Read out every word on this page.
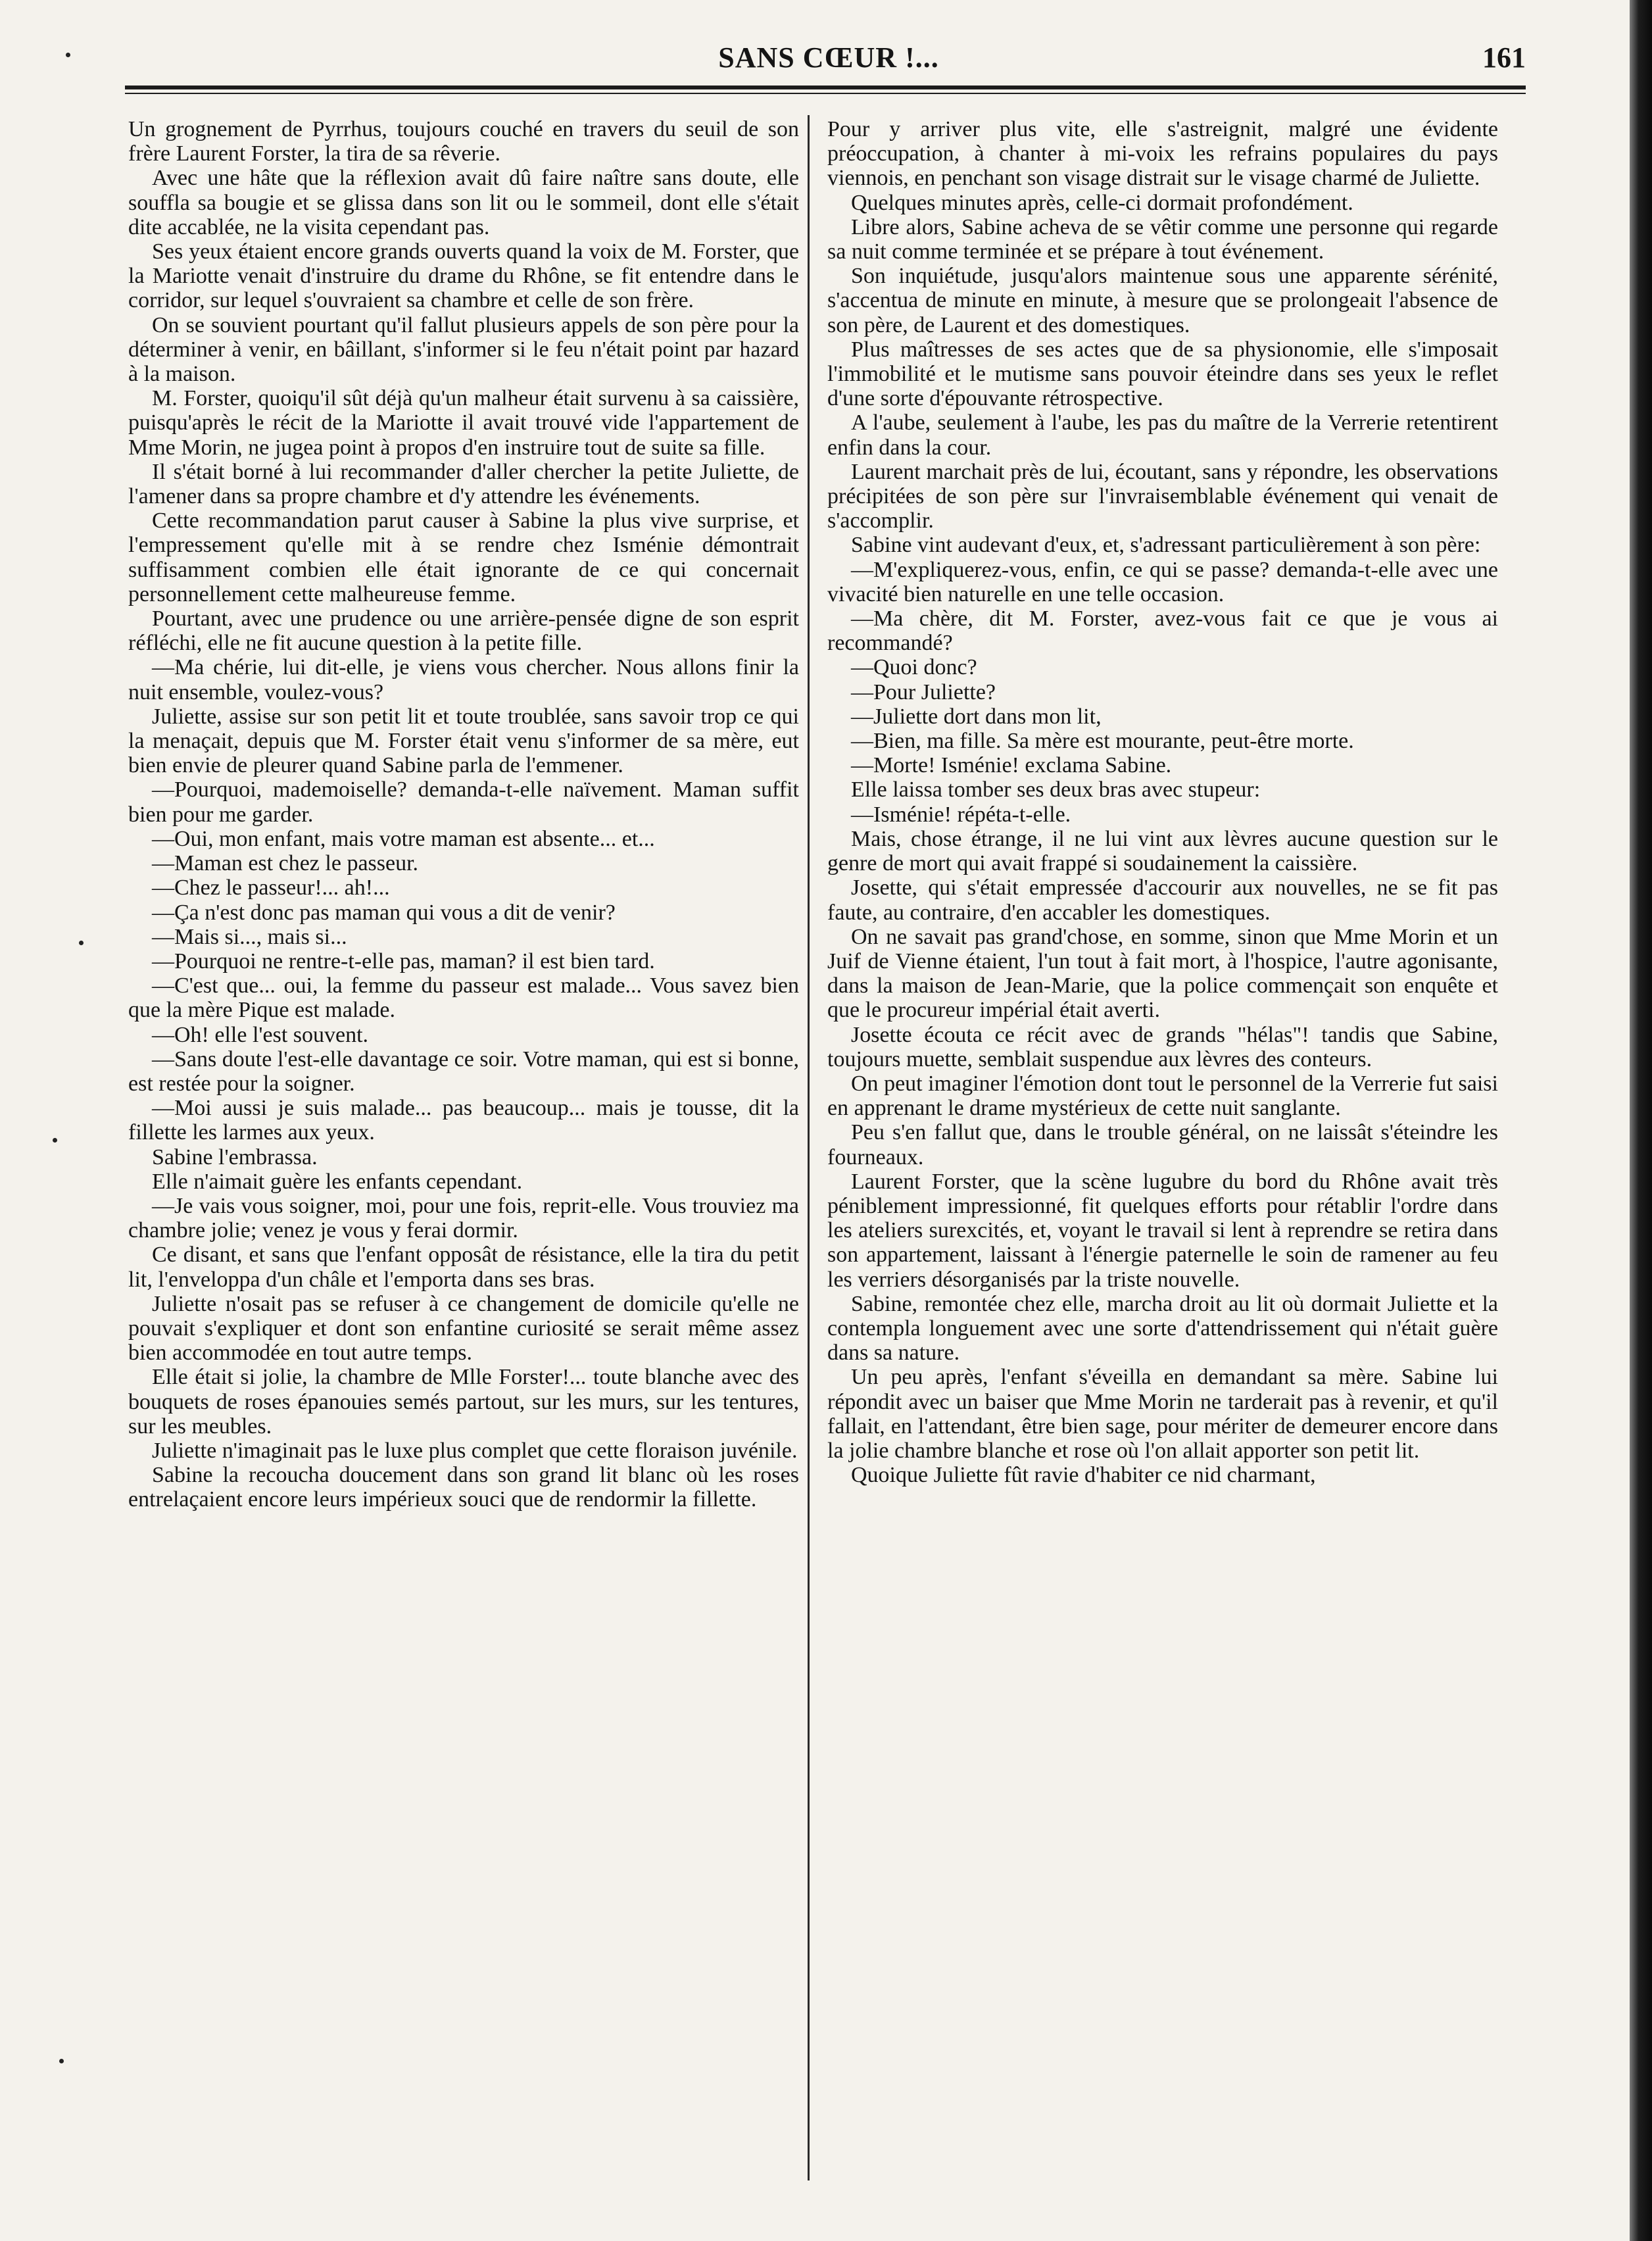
SANS CŒUR !...	161

Un grognement de Pyrrhus, toujours couché en travers du seuil de son frère Laurent Forster, la tira de sa rêverie.

Avec une hâte que la réflexion avait dû faire naître sans doute, elle souffla sa bougie et se glissa dans son lit ou le sommeil, dont elle s'était dite accablée, ne la visita cependant pas.

Ses yeux étaient encore grands ouverts quand la voix de M. Forster, que la Mariotte venait d'instruire du drame du Rhône, se fit entendre dans le corridor, sur lequel s'ouvraient sa chambre et celle de son frère.

On se souvient pourtant qu'il fallut plusieurs appels de son père pour la déterminer à venir, en bâillant, s'informer si le feu n'était point par hazard à la maison.

M. Forster, quoiqu'il sût déjà qu'un malheur était survenu à sa caissière, puisqu'après le récit de la Mariotte il avait trouvé vide l'appartement de Mme Morin, ne jugea point à propos d'en instruire tout de suite sa fille.

Il s'était borné à lui recommander d'aller chercher la petite Juliette, de l'amener dans sa propre chambre et d'y attendre les événements.

Cette recommandation parut causer à Sabine la plus vive surprise, et l'empressement qu'elle mit à se rendre chez Isménie démontrait suffisamment combien elle était ignorante de ce qui concernait personnellement cette malheureuse femme.

Pourtant, avec une prudence ou une arrière-pensée digne de son esprit réfléchi, elle ne fit aucune question à la petite fille.

—Ma chérie, lui dit-elle, je viens vous chercher. Nous allons finir la nuit ensemble, voulez-vous?

Juliette, assise sur son petit lit et toute troublée, sans savoir trop ce qui la menaçait, depuis que M. Forster était venu s'informer de sa mère, eut bien envie de pleurer quand Sabine parla de l'emmener.

—Pourquoi, mademoiselle? demanda-t-elle naïvement. Maman suffit bien pour me garder.

—Oui, mon enfant, mais votre maman est absente... et...

—Maman est chez le passeur.

—Chez le passeur!... ah!...

—Ça n'est donc pas maman qui vous a dit de venir?

—Mais si..., mais si...

—Pourquoi ne rentre-t-elle pas, maman? il est bien tard.

—C'est que... oui, la femme du passeur est malade... Vous savez bien que la mère Pique est malade.

—Oh! elle l'est souvent.

—Sans doute l'est-elle davantage ce soir. Votre maman, qui est si bonne, est restée pour la soigner.

—Moi aussi je suis malade... pas beaucoup... mais je tousse, dit la fillette les larmes aux yeux.

Sabine l'embrassa.

Elle n'aimait guère les enfants cependant.

—Je vais vous soigner, moi, pour une fois, reprit-elle. Vous trouviez ma chambre jolie; venez je vous y ferai dormir.

Ce disant, et sans que l'enfant opposât de résistance, elle la tira du petit lit, l'enveloppa d'un châle et l'emporta dans ses bras.

Juliette n'osait pas se refuser à ce changement de domicile qu'elle ne pouvait s'expliquer et dont son enfantine curiosité se serait même assez bien accommodée en tout autre temps.

Elle était si jolie, la chambre de Mlle Forster!... toute blanche avec des bouquets de roses épanouies semés partout, sur les murs, sur les tentures, sur les meubles.

Juliette n'imaginait pas le luxe plus complet que cette floraison juvénile.

Sabine la recoucha doucement dans son grand lit blanc où les roses entrelaçaient encore leurs impérieux souci que de rendormir la fillette.

Pour y arriver plus vite, elle s'astreignit, malgré une évidente préoccupation, à chanter à mi-voix les refrains populaires du pays viennois, en penchant son visage distrait sur le visage charmé de Juliette.

Quelques minutes après, celle-ci dormait profondément.

Libre alors, Sabine acheva de se vêtir comme une personne qui regarde sa nuit comme terminée et se prépare à tout événement.

Son inquiétude, jusqu'alors maintenue sous une apparente sérénité, s'accentua de minute en minute, à mesure que se prolongeait l'absence de son père, de Laurent et des domestiques.

Plus maîtresses de ses actes que de sa physionomie, elle s'imposait l'immobilité et le mutisme sans pouvoir éteindre dans ses yeux le reflet d'une sorte d'épouvante rétrospective.

A l'aube, seulement à l'aube, les pas du maître de la Verrerie retentirent enfin dans la cour.

Laurent marchait près de lui, écoutant, sans y répondre, les observations précipitées de son père sur l'invraisemblable événement qui venait de s'accomplir.

Sabine vint audevant d'eux, et, s'adressant particulièrement à son père:

—M'expliquerez-vous, enfin, ce qui se passe? demanda-t-elle avec une vivacité bien naturelle en une telle occasion.

—Ma chère, dit M. Forster, avez-vous fait ce que je vous ai recommandé?

—Quoi donc?

—Pour Juliette?

—Juliette dort dans mon lit,

—Bien, ma fille. Sa mère est mourante, peut-être morte.

—Morte! Isménie! exclama Sabine.

Elle laissa tomber ses deux bras avec stupeur:

—Isménie! répéta-t-elle.

Mais, chose étrange, il ne lui vint aux lèvres aucune question sur le genre de mort qui avait frappé si soudainement la caissière.

Josette, qui s'était empressée d'accourir aux nouvelles, ne se fit pas faute, au contraire, d'en accabler les domestiques.

On ne savait pas grand'chose, en somme, sinon que Mme Morin et un Juif de Vienne étaient, l'un tout à fait mort, à l'hospice, l'autre agonisante, dans la maison de Jean-Marie, que la police commençait son enquête et que le procureur impérial était averti.

Josette écouta ce récit avec de grands "hélas"! tandis que Sabine, toujours muette, semblait suspendue aux lèvres des conteurs.

On peut imaginer l'émotion dont tout le personnel de la Verrerie fut saisi en apprenant le drame mystérieux de cette nuit sanglante.

Peu s'en fallut que, dans le trouble général, on ne laissât s'éteindre les fourneaux.

Laurent Forster, que la scène lugubre du bord du Rhône avait très péniblement impressionné, fit quelques efforts pour rétablir l'ordre dans les ateliers surexcités, et, voyant le travail si lent à reprendre se retira dans son appartement, laissant à l'énergie paternelle le soin de ramener au feu les verriers désorganisés par la triste nouvelle.

Sabine, remontée chez elle, marcha droit au lit où dormait Juliette et la contempla longuement avec une sorte d'attendrissement qui n'était guère dans sa nature.

Un peu après, l'enfant s'éveilla en demandant sa mère. Sabine lui répondit avec un baiser que Mme Morin ne tarderait pas à revenir, et qu'il fallait, en l'attendant, être bien sage, pour mériter de demeurer encore dans la jolie chambre blanche et rose où l'on allait apporter son petit lit.

Quoique Juliette fût ravie d'habiter ce nid charmant,
